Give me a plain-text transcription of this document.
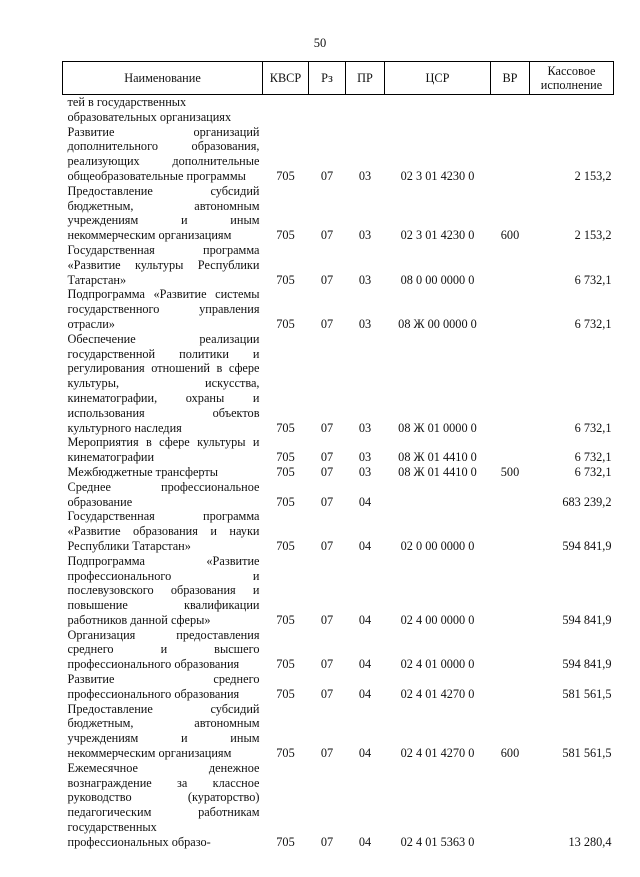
50
Наименование	КВСР	Рз	ПР	ЦСР	ВР	Кассовое исполнение
тей в государственных образовательных организациях						
Развитие организаций дополнительного образования, реализующих дополнительные общеобразовательные программы	705	07	03	02 3 01 4230 0		2 153,2
Предоставление субсидий бюджетным, автономным учреждениям и иным некоммерческим организациям	705	07	03	02 3 01 4230 0	600	2 153,2
Государственная программа «Развитие культуры Республики Татарстан»	705	07	03	08 0 00 0000 0		6 732,1
Подпрограмма «Развитие системы государственного управления отрасли»	705	07	03	08 Ж 00 0000 0		6 732,1
Обеспечение реализации государственной политики и регулирования отношений в сфере культуры, искусства, кинематографии, охраны и использования объектов культурного наследия	705	07	03	08 Ж 01 0000 0		6 732,1
Мероприятия в сфере культуры и кинематографии	705	07	03	08 Ж 01 4410 0		6 732,1
Межбюджетные трансферты	705	07	03	08 Ж 01 4410 0	500	6 732,1
Среднее профессиональное образование	705	07	04			683 239,2
Государственная программа «Развитие образования и науки Республики Татарстан»	705	07	04	02 0 00 0000 0		594 841,9
Подпрограмма «Развитие профессионального и послевузовского образования и повышение квалификации работников данной сферы»	705	07	04	02 4 00 0000 0		594 841,9
Организация предоставления среднего и высшего профессионального образования	705	07	04	02 4 01 0000 0		594 841,9
Развитие среднего профессионального образования	705	07	04	02 4 01 4270 0		581 561,5
Предоставление субсидий бюджетным, автономным учреждениям и иным некоммерческим организациям	705	07	04	02 4 01 4270 0	600	581 561,5
Ежемесячное денежное вознаграждение за классное руководство (кураторство) педагогическим работникам государственных профессиональных образо-	705	07	04	02 4 01 5363 0		13 280,4
